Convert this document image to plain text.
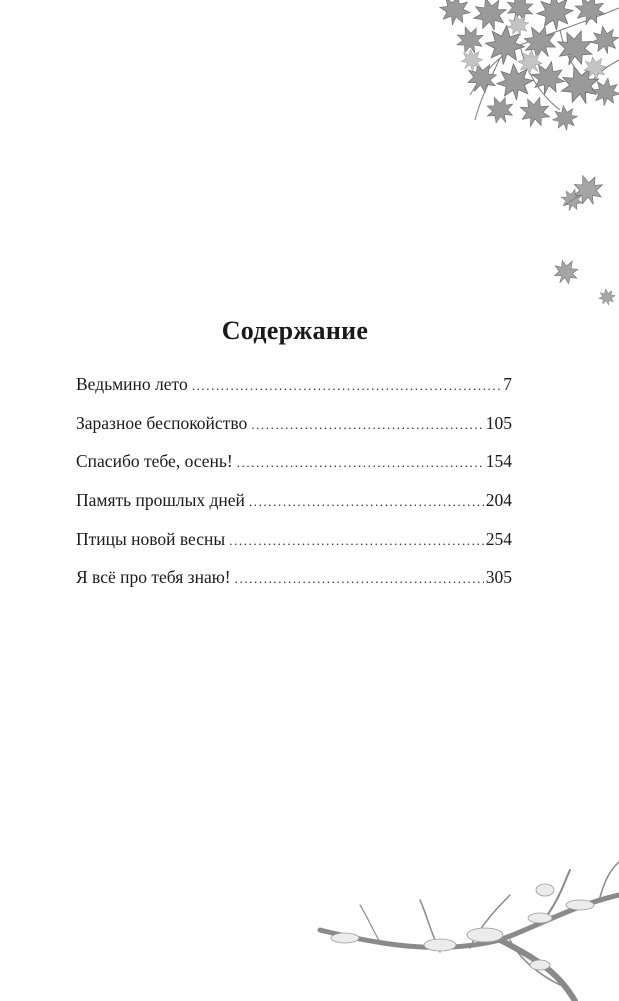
Содержание
Ведьмино лето .....	7
Заразное беспокойство .....	105
Спасибо тебе, осень! .....	154
Память прошлых дней .....	204
Птицы новой весны .....	254
Я всё про тебя знаю! .....	305
